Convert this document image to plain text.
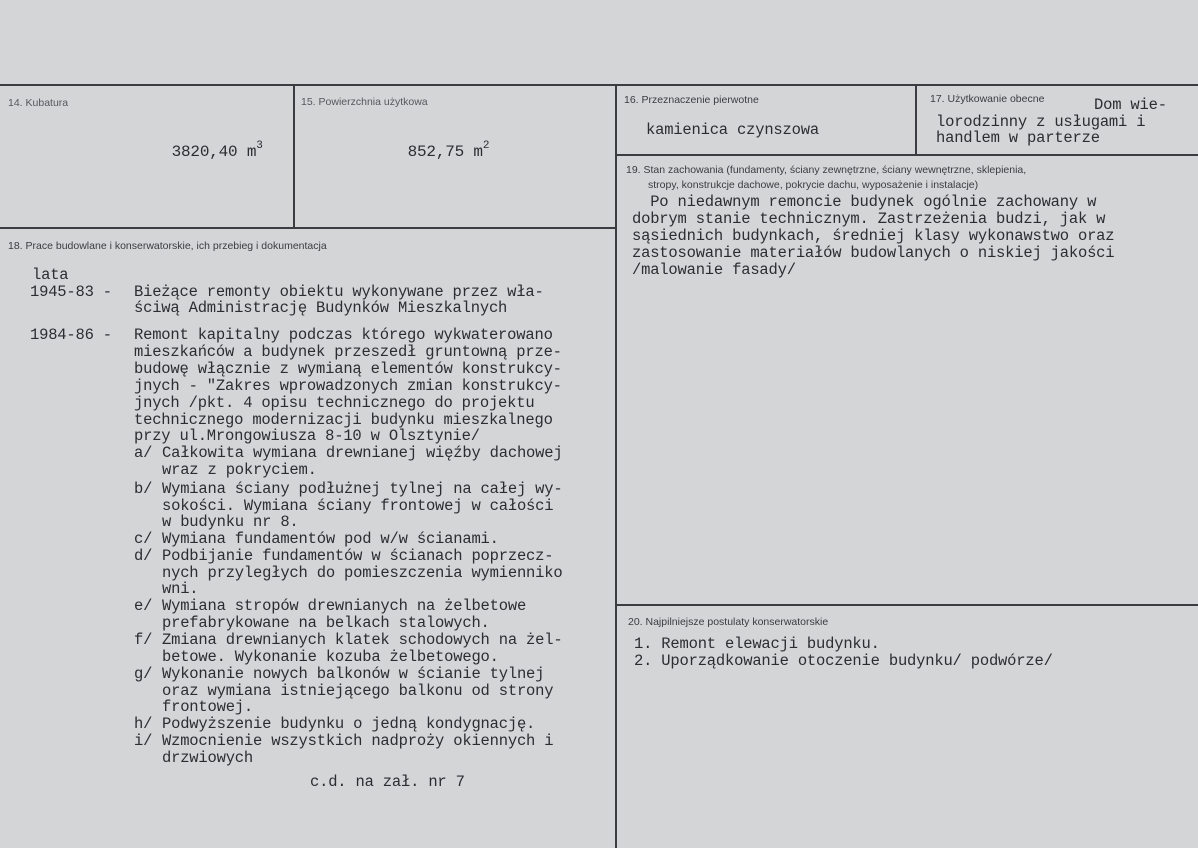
14. Kubatura

3820,40 $m^3$

15. Powierzchnia użytkowa

852,75 $m^2$

16. Przeznaczenie pierwotne
kamienica czynszowa
17. Użytkowanie obecne	Dom wie-
lorodzinny z usługami i
handlem w parterze
19. Stan zachowania (fundamenty, ściany zewnętrzne, ściany wewnętrzne, sklepienia,
stropy, konstrukcje dachowe, pokrycie dachu, wyposażenie i instalacje)
Po niedawnym remoncie budynek ogólnie zachowany w
dobrym stanie technicznym. Zastrzeżenia budzi, jak w
sąsiednich budynkach, średniej klasy wykonawstwo oraz
zastosowanie materiałów budowlanych o niskiej jakości
/malowanie fasady/
18. Prace budowlane i konserwatorskie, ich przebieg i dokumentacja
lata
1945-83 - Bieżące remonty obiektu wykonywane przez wła-
ściwą Administrację Budynków Mieszkalnych
1984-86 - Remont kapitalny podczas którego wykwaterowano
mieszkańców a budynek przeszedł gruntowną prze-
budowę włącznie z wymianą elementów konstrukcy-
jnych - "Zakres wprowadzonych zmian konstrukcy-
jnych /pkt. 4 opisu technicznego do projektu
technicznego modernizacji budynku mieszkalnego
przy ul.Mrongowiusza 8-10 w Olsztynie/
a/ Całkowita wymiana drewnianej więźby dachowej
wraz z pokryciem.
b/ Wymiana ściany podłużnej tylnej na całej wy-
sokości. Wymiana ściany frontowej w całości
w budynku nr 8.
c/ Wymiana fundamentów pod w/w ścianami.
d/ Podbijanie fundamentów w ścianach poprzecz-
nych przyległych do pomieszczenia wymienniko
wni.
e/ Wymiana stropów drewnianych na żelbetowe
prefabrykowane na belkach stalowych.
f/ Zmiana drewnianych klatek schodowych na żel-
betowe. Wykonanie kozuba żelbetowego.
g/ Wykonanie nowych balkonów w ścianie tylnej
oraz wymiana istniejącego balkonu od strony
frontowej.
h/ Podwyższenie budynku o jedną kondygnację.
i/ Wzmocnienie wszystkich nadproży okiennych i
drzwiowych
c.d. na zał. nr 7
20. Najpilniejsze postulaty konserwatorskie
1. Remont elewacji budynku.
2. Uporządkowanie otoczenie budynku/ podwórze/
